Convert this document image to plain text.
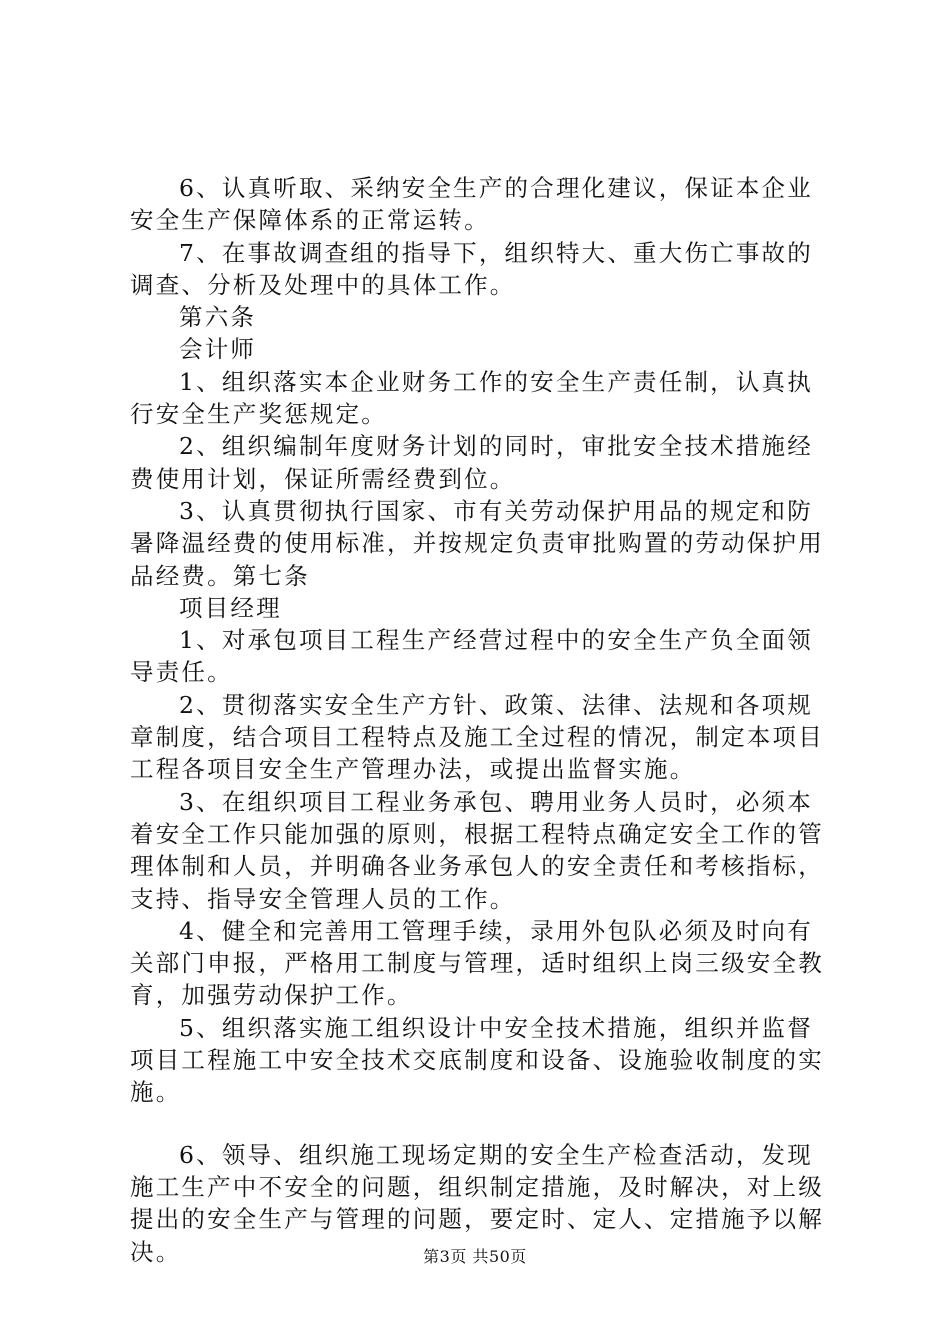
6、认真听取、采纳安全生产的合理化建议，保证本企业安全生产保障体系的正常运转。

7、在事故调查组的指导下，组织特大、重大伤亡事故的调查、分析及处理中的具体工作。

第六条

会计师

1、组织落实本企业财务工作的安全生产责任制，认真执行安全生产奖惩规定。

2、组织编制年度财务计划的同时，审批安全技术措施经费使用计划，保证所需经费到位。

3、认真贯彻执行国家、市有关劳动保护用品的规定和防暑降温经费的使用标准，并按规定负责审批购置的劳动保护用品经费。第七条

项目经理

1、对承包项目工程生产经营过程中的安全生产负全面领导责任。

2、贯彻落实安全生产方针、政策、法律、法规和各项规章制度，结合项目工程特点及施工全过程的情况，制定本项目工程各项目安全生产管理办法，或提出监督实施。

3、在组织项目工程业务承包、聘用业务人员时，必须本着安全工作只能加强的原则，根据工程特点确定安全工作的管理体制和人员，并明确各业务承包人的安全责任和考核指标，支持、指导安全管理人员的工作。

4、健全和完善用工管理手续，录用外包队必须及时向有关部门申报，严格用工制度与管理，适时组织上岗三级安全教育，加强劳动保护工作。

5、组织落实施工组织设计中安全技术措施，组织并监督项目工程施工中安全技术交底制度和设备、设施验收制度的实施。

6、领导、组织施工现场定期的安全生产检查活动，发现施工生产中不安全的问题，组织制定措施，及时解决，对上级提出的安全生产与管理的问题，要定时、定人、定措施予以解决。	第3页 共50页
